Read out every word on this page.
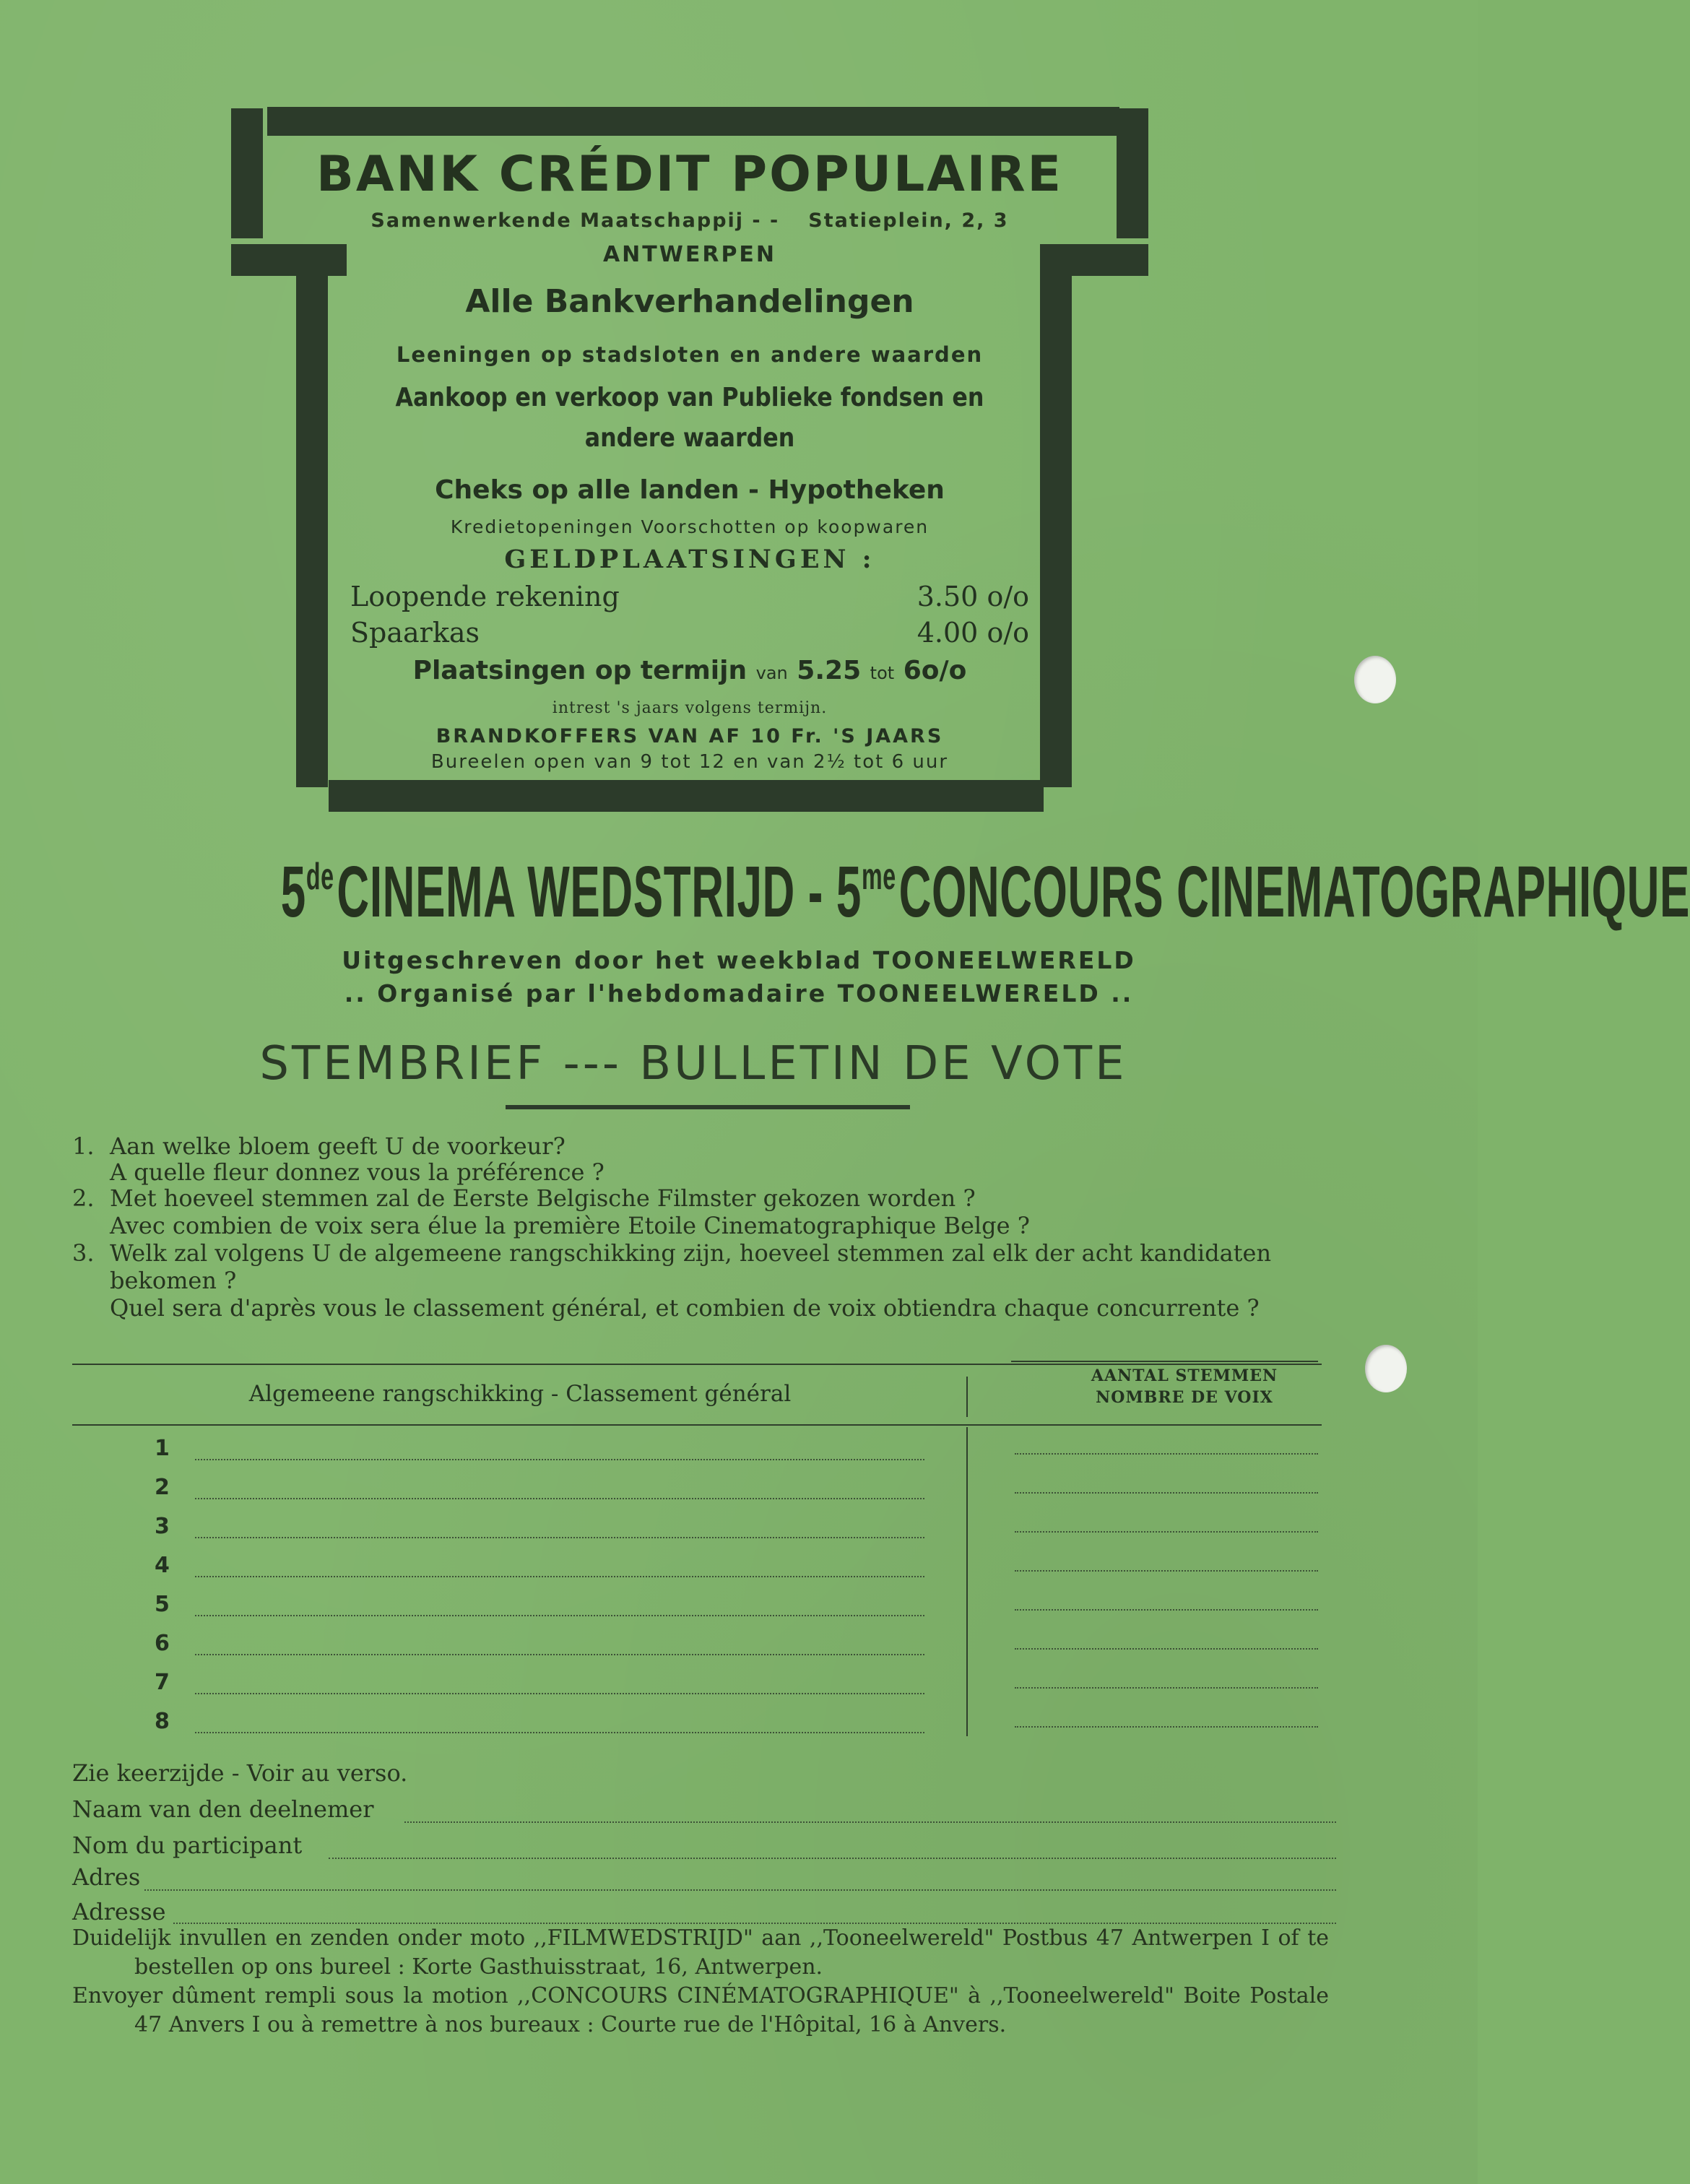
BANK CRÉDIT POPULAIRE
Samenwerkende Maatschappij - - Statieplein, 2, 3
ANTWERPEN
Alle Bankverhandelingen
Leeningen op stadsloten en andere waarden
Aankoop en verkoop van Publieke fondsen en
andere waarden
Cheks op alle landen - Hypotheken
Kredietopeningen Voorschotten op koopwaren
GELDPLAATSINGEN :
Loopende rekening	3.50 o/o
Spaarkas	4.00 o/o
Plaatsingen op termijn van 5.25 tot 6o/o
intrest 's jaars volgens termijn.
BRANDKOFFERS VAN AF 10 Fr. 'S JAARS
Bureelen open van 9 tot 12 en van 2½ tot 6 uur
5deCINEMA WEDSTRIJD - $5^{me}CONCOURS$ CINEMATOGRAPHIQUE
Uitgeschreven door het weekblad TOONEELWERELD
.. Organisé par l'hebdomadaire TOONEELWERELD ..
STEMBRIEF --- BULLETIN DE VOTE
1. Aan welke bloem geeft U de voorkeur?
A quelle fleur donnez vous la préférence ?
2. Met hoeveel stemmen zal de Eerste Belgische Filmster gekozen worden ?
Avec combien de voix sera élue la première Etoile Cinematographique Belge ?
3. Welk zal volgens U de algemeene rangschikking zijn, hoeveel stemmen zal elk der acht kandidaten
bekomen ?
Quel sera d'après vous le classement général, et combien de voix obtiendra chaque concurrente ?
Algemeene rangschikking - Classement général
AANTAL STEMMEN
NOMBRE DE VOIX
1
2
3
4
5
6
7
8
Zie keerzijde - Voir au verso.
Naam van den deelnemer
Nom du participant
Adres
Adresse
Duidelijk invullen en zenden onder moto ,,FILMWEDSTRIJD" aan ,,Tooneelwereld" Postbus 47 Antwerpen I of te bestellen op ons bureel : Korte Gasthuisstraat, 16, Antwerpen.
Envoyer dûment rempli sous la motion ,,CONCOURS CINÉMATOGRAPHIQUE" à ,,Tooneelwereld" Boite Postale 47 Anvers I ou à remettre à nos bureaux : Courte rue de l'Hôpital, 16 à Anvers.
